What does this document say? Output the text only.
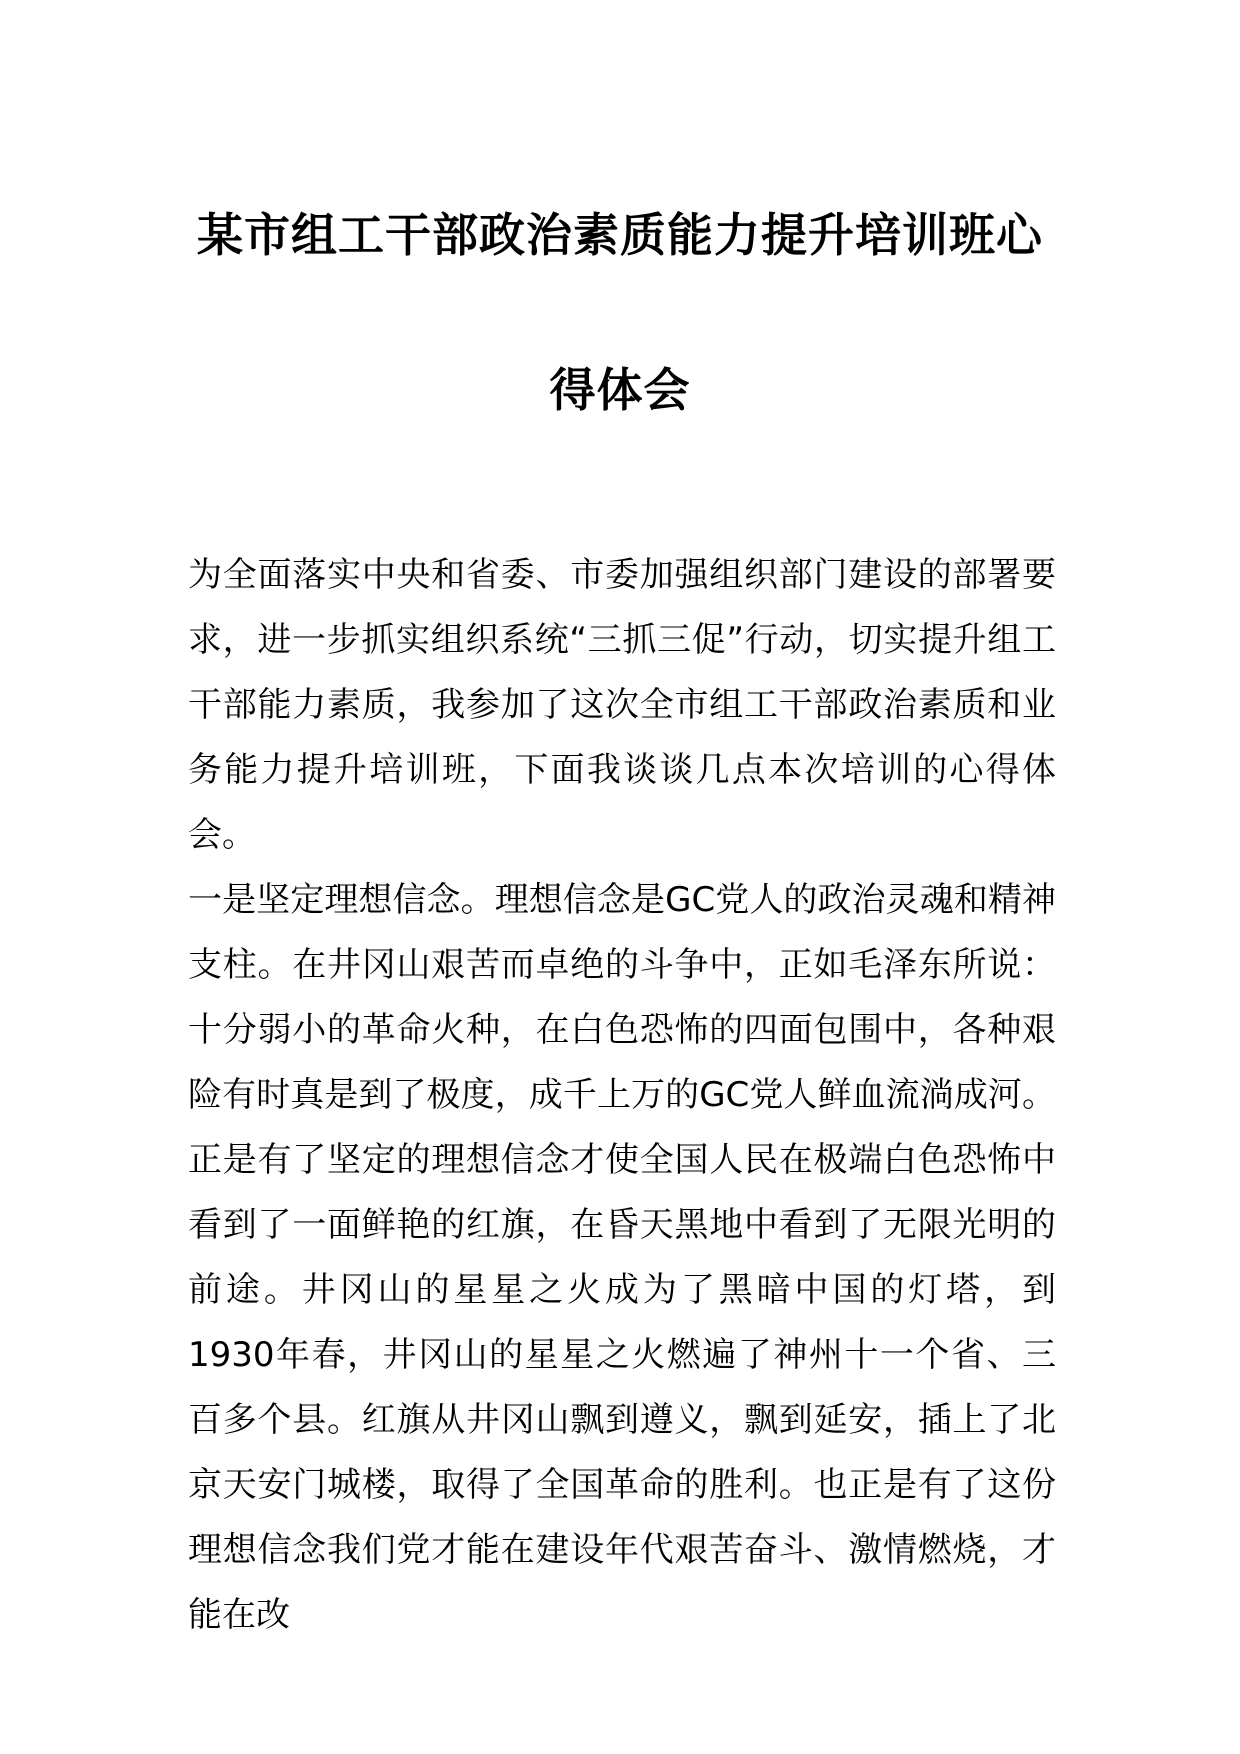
某市组工干部政治素质能力提升培训班心
得体会

为全面落实中央和省委、市委加强组织部门建设的部署要求，进一步抓实组织系统“三抓三促”行动，切实提升组工干部能力素质，我参加了这次全市组工干部政治素质和业务能力提升培训班，下面我谈谈几点本次培训的心得体会。

一是坚定理想信念。理想信念是GC党人的政治灵魂和精神支柱。在井冈山艰苦而卓绝的斗争中，正如毛泽东所说：十分弱小的革命火种，在白色恐怖的四面包围中，各种艰险有时真是到了极度，成千上万的GC党人鲜血流淌成河。正是有了坚定的理想信念才使全国人民在极端白色恐怖中看到了一面鲜艳的红旗，在昏天黑地中看到了无限光明的前途。井冈山的星星之火成为了黑暗中国的灯塔，到1930年春，井冈山的星星之火燃遍了神州十一个省、三百多个县。红旗从井冈山飘到遵义，飘到延安，插上了北京天安门城楼，取得了全国革命的胜利。也正是有了这份理想信念我们党才能在建设年代艰苦奋斗、激情燃烧，才能在改
